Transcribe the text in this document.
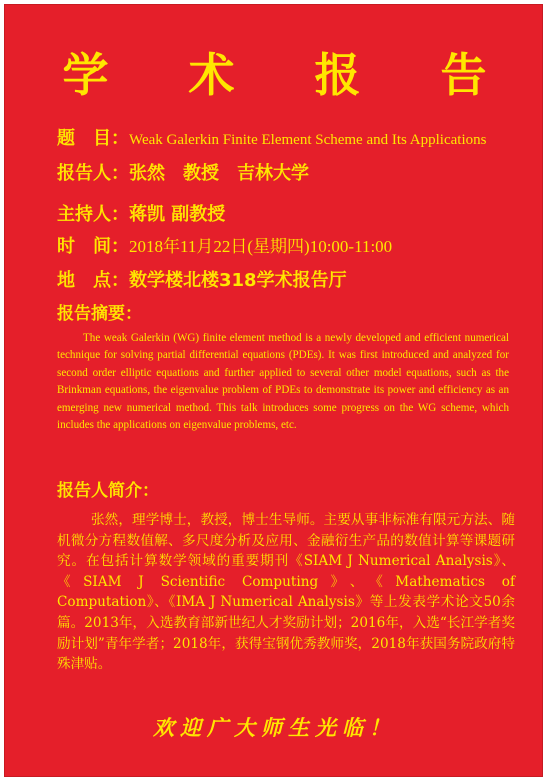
学 术 报 告
题　目：Weak Galerkin Finite Element Scheme and Its Applications
报告人：张然　教授　吉林大学
主持人：蒋凯 副教授
时　间：2018年11月22日(星期四)10:00-11:00
地　点：数学楼北楼318学术报告厅
报告摘要：

The weak Galerkin (WG) finite element method is a newly developed and efficient numerical technique for solving partial differential equations (PDEs). It was first introduced and analyzed for second order elliptic equations and further applied to several other model equations, such as the Brinkman equations, the eigenvalue problem of PDEs to demonstrate its power and efficiency as an emerging new numerical method. This talk introduces some progress on the WG scheme, which includes the applications on eigenvalue problems, etc.

报告人简介：

张然，理学博士，教授，博士生导师。主要从事非标准有限元方法、随机微分方程数值解、多尺度分析及应用、金融衍生产品的数值计算等课题研究。在包括计算数学领域的重要期刊《SIAM J Numerical Analysis》、《SIAM J Scientific Computing》、《Mathematics of Computation》、《IMA J Numerical Analysis》等上发表学术论文50余篇。2013年，入选教育部新世纪人才奖励计划；2016年，入选“长江学者奖励计划”青年学者；2018年，获得宝钢优秀教师奖，2018年获国务院政府特殊津贴。

欢迎广大师生光临！
